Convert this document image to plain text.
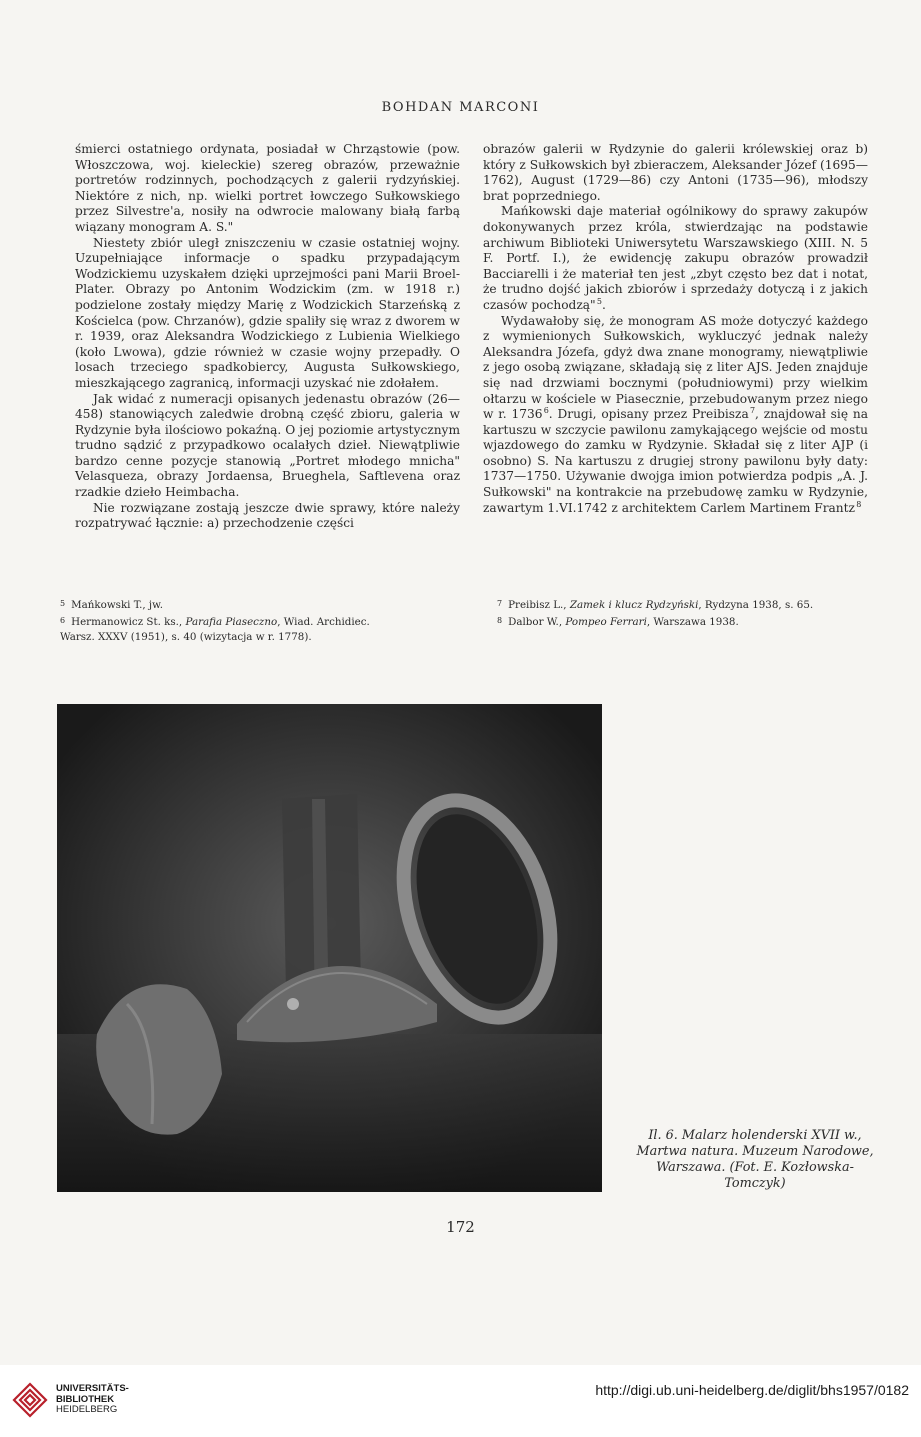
BOHDAN MARCONI

śmierci ostatniego ordynata, posiadał w Chrząstowie (pow. Włoszczowa, woj. kieleckie) szereg obrazów, przeważnie portretów rodzinnych, pochodzących z galerii rydzyńskiej. Niektóre z nich, np. wielki portret łowczego Sułkowskiego przez Silvestre'a, nosiły na odwrocie malowany białą farbą wiązany monogram A. S."

Niestety zbiór uległ zniszczeniu w czasie ostatniej wojny. Uzupełniające informacje o spadku przypadającym Wodzickiemu uzyskałem dzięki uprzejmości pani Marii Broel-Plater. Obrazy po Antonim Wodzickim (zm. w 1918 r.) podzielone zostały między Marię z Wodzickich Starzeńską z Kościelca (pow. Chrzanów), gdzie spaliły się wraz z dworem w r. 1939, oraz Aleksandra Wodzickiego z Lubienia Wielkiego (koło Lwowa), gdzie również w czasie wojny przepadły. O losach trzeciego spadkobiercy, Augusta Sułkowskiego, mieszkającego zagranicą, informacji uzyskać nie zdołałem.

Jak widać z numeracji opisanych jedenastu obrazów (26—458) stanowiących zaledwie drobną część zbioru, galeria w Rydzynie była ilościowo pokaźną. O jej poziomie artystycznym trudno sądzić z przypadkowo ocalałych dzieł. Niewątpliwie bardzo cenne pozycje stanowią „Portret młodego mnicha" Velasqueza, obrazy Jordaensa, Brueghela, Saftlevena oraz rzadkie dzieło Heimbacha.

Nie rozwiązane zostają jeszcze dwie sprawy, które należy rozpatrywać łącznie: a) przechodzenie części

obrazów galerii w Rydzynie do galerii królewskiej oraz b) który z Sułkowskich był zbieraczem, Aleksander Józef (1695—1762), August (1729—86) czy Antoni (1735—96), młodszy brat poprzedniego.

Mańkowski daje materiał ogólnikowy do sprawy zakupów dokonywanych przez króla, stwierdzając na podstawie archiwum Biblioteki Uniwersytetu Warszawskiego (XIII. N. 5 F. Portf. I.), że ewidencję zakupu obrazów prowadził Bacciarelli i że materiał ten jest „zbyt często bez dat i notat, że trudno dojść jakich zbiorów i sprzedaży dotyczą i z jakich czasów pochodzą" $^5$.

Wydawałoby się, że monogram AS może dotyczyć każdego z wymienionych Sułkowskich, wykluczyć jednak należy Aleksandra Józefa, gdyż dwa znane monogramy, niewątpliwie z jego osobą związane, składają się z liter AJS. Jeden znajduje się nad drzwiami bocznymi (południowymi) przy wielkim ołtarzu w kościele w Piasecznie, przebudowanym przez niego w r. 1736 $^6$. Drugi, opisany przez Preibisza $^7$, znajdował się na kartuszu w szczycie pawilonu zamykającego wejście od mostu wjazdowego do zamku w Rydzynie. Składał się z liter AJP (i osobno) S. Na kartuszu z drugiej strony pawilonu były daty: 1737—1750. Używanie dwojga imion potwierdza podpis „A. J. Sułkowski" na kontrakcie na przebudowę zamku w Rydzynie, zawartym 1.VI.1742 z architektem Carlem Martinem Frantz $^8$

5 Mańkowski T., jw.
6 Hermanowicz St. ks., Parafia Piaseczno, Wiad. Archidiec.
Warsz. XXXV (1951), s. 40 (wizytacja w r. 1778).
7 Preibisz L., Zamek i klucz Rydzyński, Rydzyna 1938, s. 65.
8 Dalbor W., Pompeo Ferrari, Warszawa 1938.
Il. 6. Malarz holenderski XVII w.,
Martwa natura. Muzeum Narodowe,
Warszawa. (Fot. E. Kozłowska-
Tomczyk)
172
UNIVERSITÄTS-
BIBLIOTHEK
HEIDELBERG
http://digi.ub.uni-heidelberg.de/diglit/bhs1957/0182
